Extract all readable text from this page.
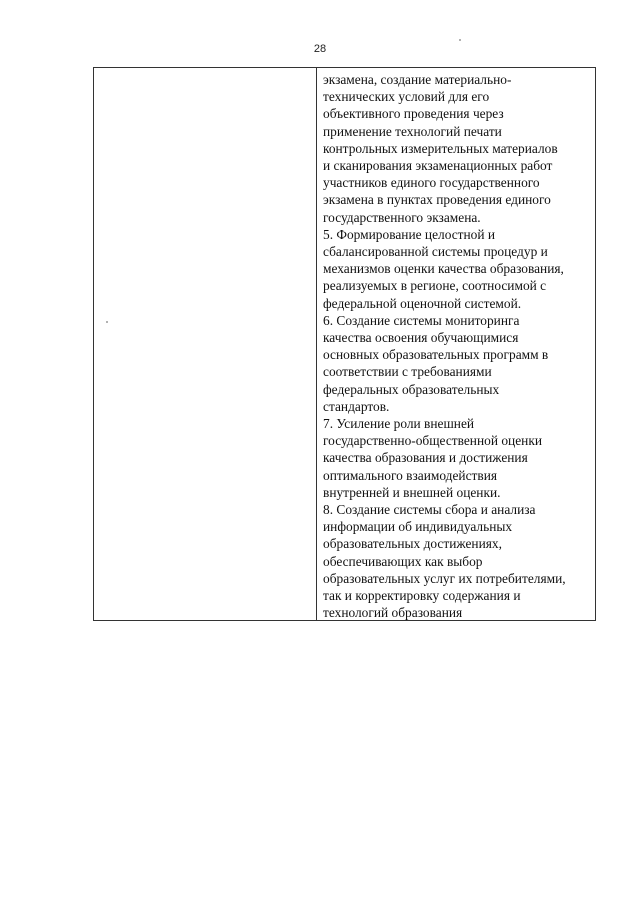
28
экзамена, создание материально-
технических условий для его
объективного проведения через
применение технологий печати
контрольных измерительных материалов
и сканирования экзаменационных работ
участников единого государственного
экзамена в пунктах проведения единого
государственного экзамена.
5. Формирование целостной и
сбалансированной системы процедур и
механизмов оценки качества образования,
реализуемых в регионе, соотносимой с
федеральной оценочной системой.
6. Создание системы мониторинга
качества освоения обучающимися
основных образовательных программ в
соответствии с требованиями
федеральных образовательных
стандартов.
7. Усиление роли внешней
государственно-общественной оценки
качества образования и достижения
оптимального взаимодействия
внутренней и внешней оценки.
8. Создание системы сбора и анализа
информации об индивидуальных
образовательных достижениях,
обеспечивающих как выбор
образовательных услуг их потребителями,
так и корректировку содержания и
технологий образования
